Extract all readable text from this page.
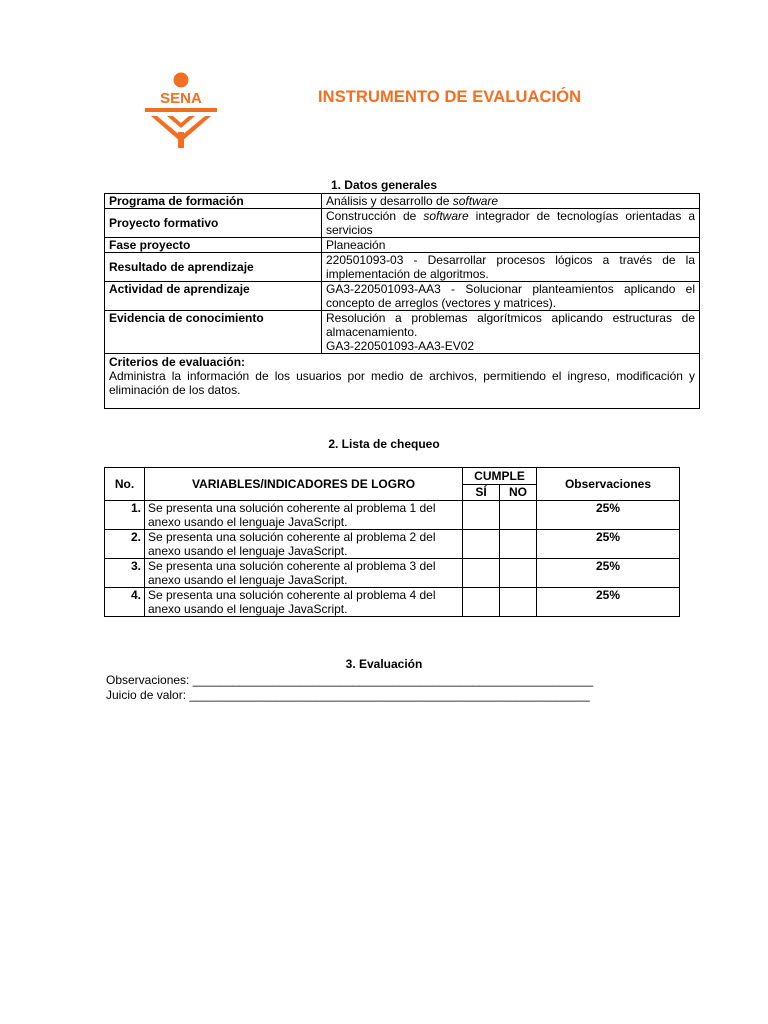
SENA	INSTRUMENTO DE EVALUACIÓN
1. Datos generales
Programa de formación	Análisis y desarrollo de software
Proyecto formativo	Construcción de software integrador de tecnologías orientadas a servicios
Fase proyecto	Planeación
Resultado de aprendizaje	220501093-03 - Desarrollar procesos lógicos a través de la implementación de algoritmos.
Actividad de aprendizaje	GA3-220501093-AA3 - Solucionar planteamientos aplicando el concepto de arreglos (vectores y matrices).
Evidencia de conocimiento	Resolución a problemas algorítmicos aplicando estructuras de almacenamiento.
GA3-220501093-AA3-EV02

Criterios de evaluación:
Administra la información de los usuarios por medio de archivos, permitiendo el ingreso, modificación y eliminación de los datos.	
2. Lista de chequeo
No.	VARIABLES/INDICADORES DE LOGRO	CUMPLE		Observaciones
		SÍ	NO	
1.	Se presenta una solución coherente al problema 1 del anexo usando el lenguaje JavaScript.			25%
2.	Se presenta una solución coherente al problema 2 del anexo usando el lenguaje JavaScript.			25%
3.	Se presenta una solución coherente al problema 3 del anexo usando el lenguaje JavaScript.			25%
4.	Se presenta una solución coherente al problema 4 del anexo usando el lenguaje JavaScript.			25%
3. Evaluación
Observaciones: ____________________________________________________________
Juicio de valor: ____________________________________________________________
